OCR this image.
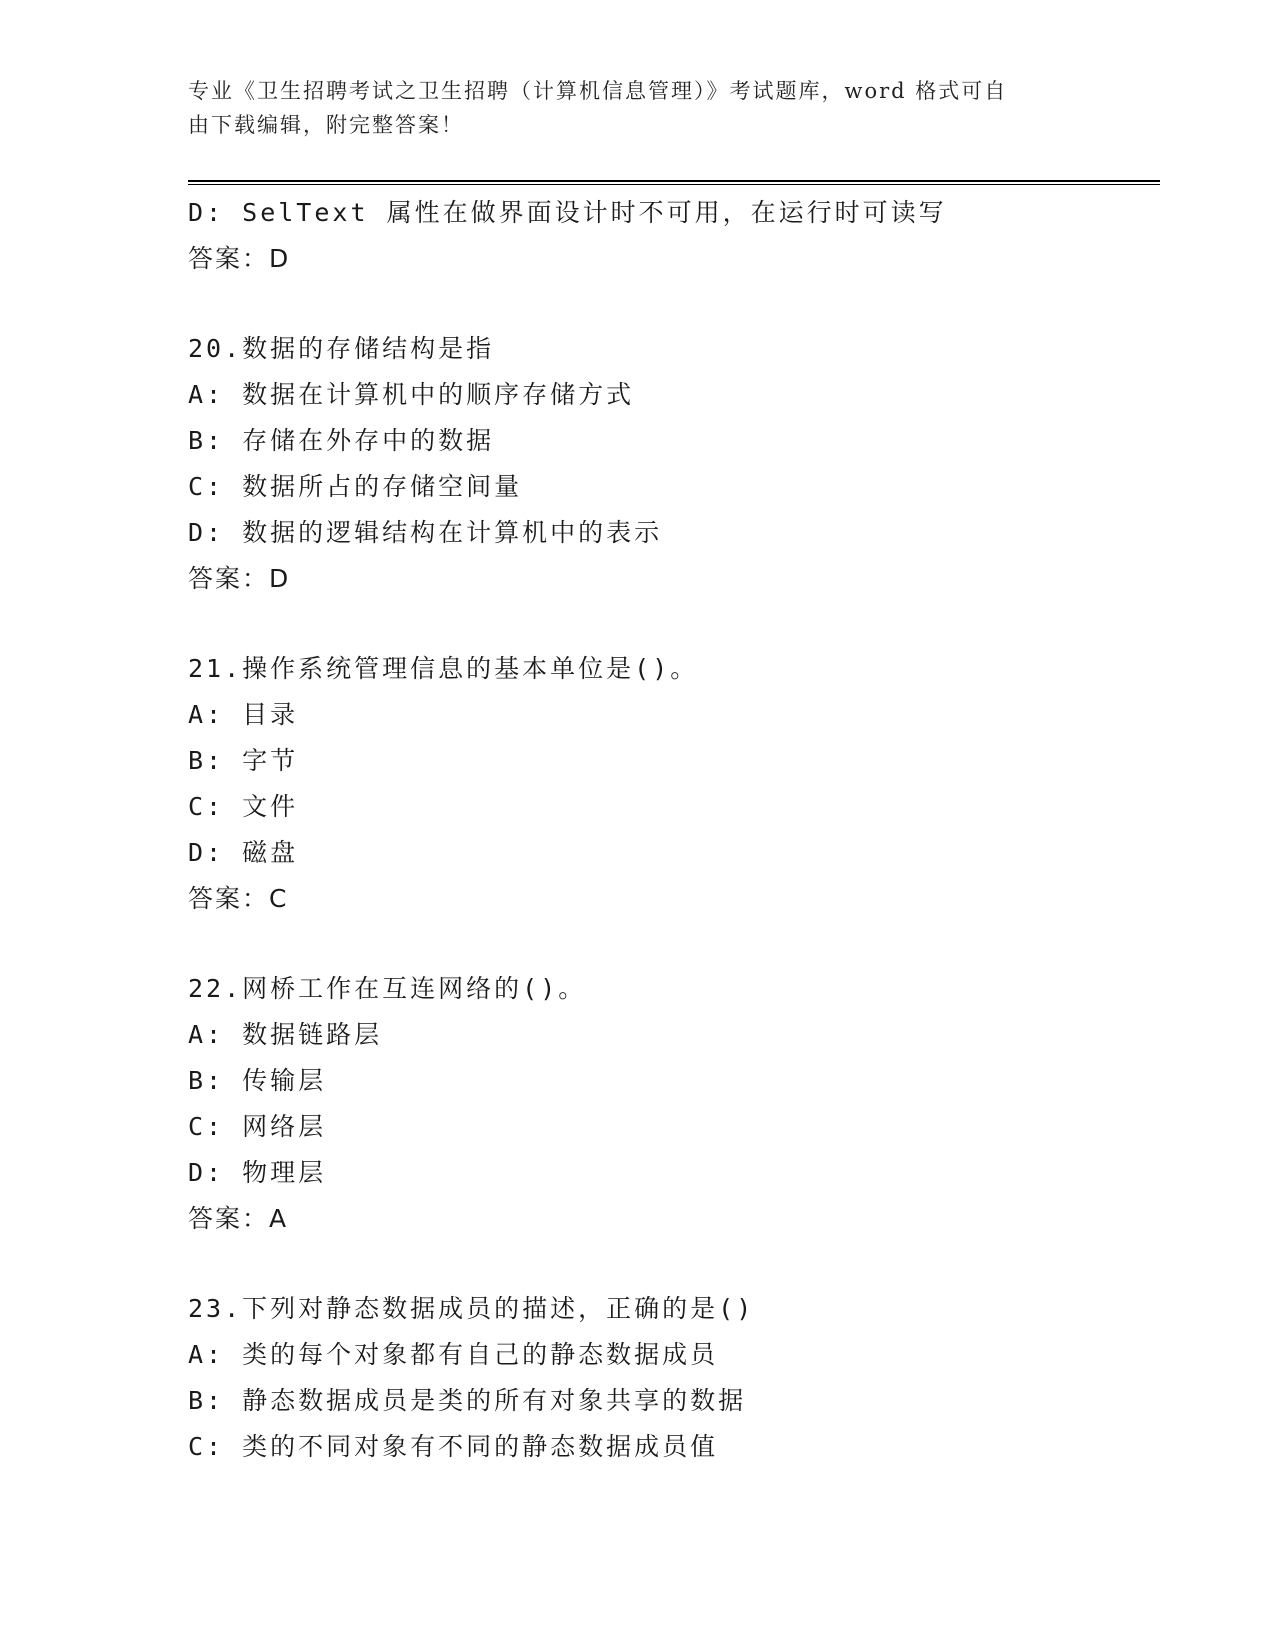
专业《卫生招聘考试之卫生招聘（计算机信息管理）》考试题库，word 格式可自
由下载编辑，附完整答案！
D: SelText 属性在做界面设计时不可用，在运行时可读写
答案：D
20.数据的存储结构是指
A: 数据在计算机中的顺序存储方式
B: 存储在外存中的数据
C: 数据所占的存储空间量
D: 数据的逻辑结构在计算机中的表示
答案：D
21.操作系统管理信息的基本单位是()。
A: 目录
B: 字节
C: 文件
D: 磁盘
答案：C
22.网桥工作在互连网络的()。
A: 数据链路层
B: 传输层
C: 网络层
D: 物理层
答案：A
23.下列对静态数据成员的描述，正确的是()
A: 类的每个对象都有自己的静态数据成员
B: 静态数据成员是类的所有对象共享的数据
C: 类的不同对象有不同的静态数据成员值
